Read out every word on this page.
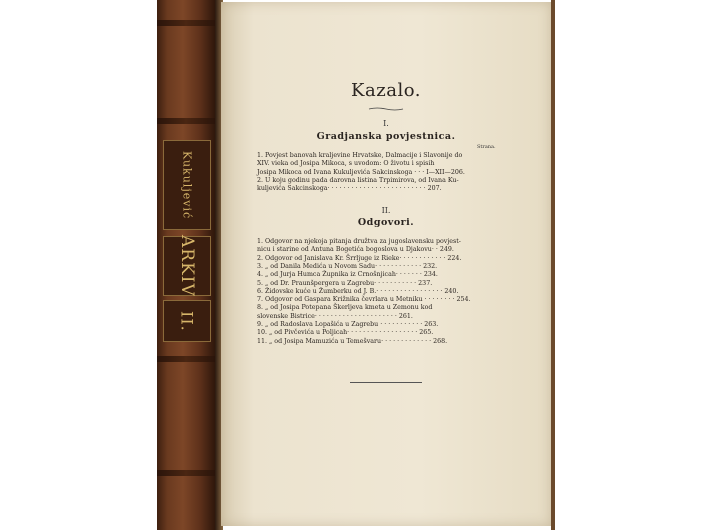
Kukuljević
ARKIV
II.
Kazalo.
I.
Gradjanska povjestnica.
Strana.
1. Povjest banovah kraljevine Hrvatske, Dalmacije i Slavonije do
XIV. vieka od Josipa Mikoca, s uvodom: O životu i spisih
Josipa Mikoca od Ivana Kukuljevića Sakcinskoga · · · I—XII—206.
2. U koju godinu pada darovna listina Trpimirova, od Ivana Ku-
kuljevića Sakcinskoga· · · · · · · · · · · · · · · · · · · · · · · · · 207.
II.
Odgovori.
1. Odgovor na njekoja pitanja družtva za jugoslavensku povjest-
nicu i starine od Antuna Bogetića bogoslova u Djakovu· · 249.
2. Odgovor od Janislava Kr. Šrrljuge iz Rieke· · · · · · · · · · · · 224.
3. „ od Danila Medića u Novom Sadu· · · · · · · · · · · · 232.
4. „ od Jurja Humca Župnika iz Crnošnjicah· · · · · · · 234.
5. „ od Dr. Praunšpergera u Zagrebu· · · · · · · · · · · 237.
6. Židovske kuće u Žumberku od J. B.· · · · · · · · · · · · · · · · · 240.
7. Odgovor od Gaspara Križnika čevrlara u Metniku · · · · · · · · 254.
8. „ od Josipa Potepana Škerljeva kmeta u Zemonu kod
slovenske Bistrice· · · · · · · · · · · · · · · · · · · · · 261.
9. „ od Radoslava Lopašića u Zagrebu · · · · · · · · · · · 263.
10. „ od Pivčevića u Poljicah· · · · · · · · · · · · · · · · · · 265.
11. „ od Josipa Mamuzića u Temešvaru· · · · · · · · · · · · · 268.
